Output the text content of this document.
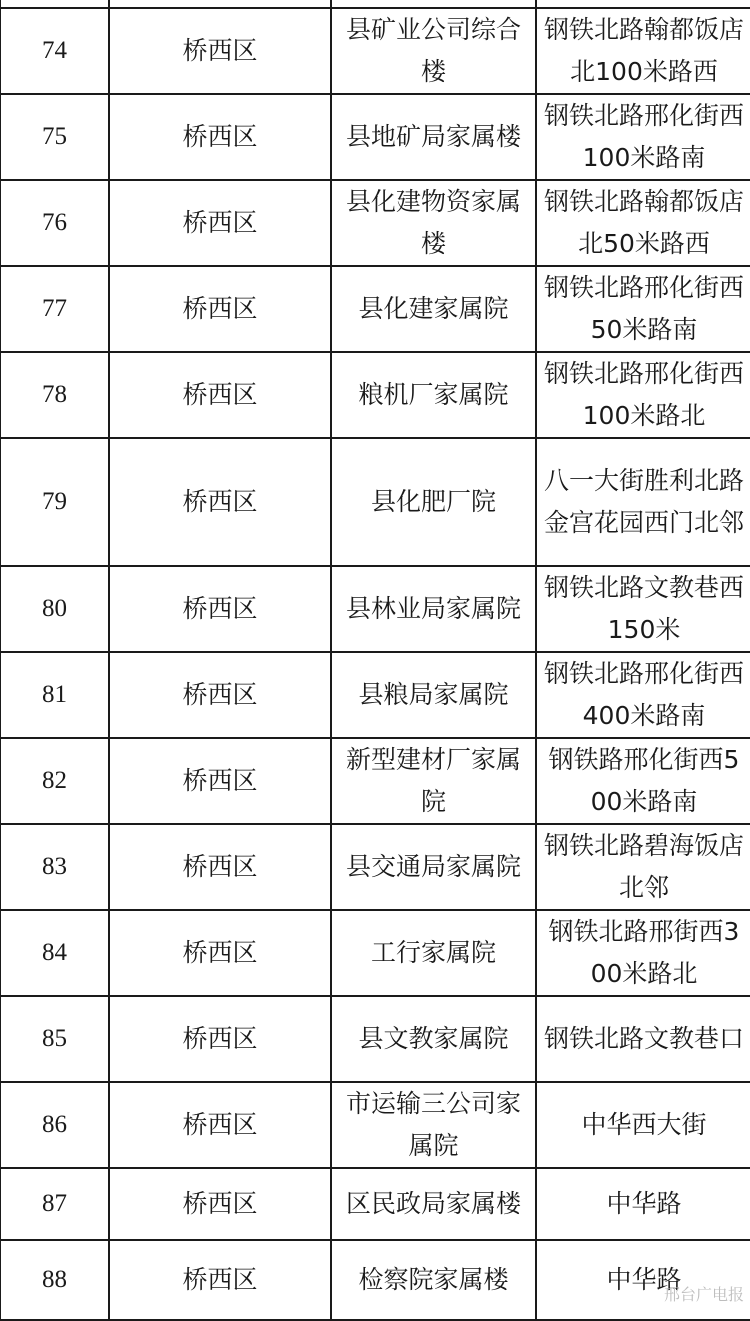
74	桥西区	县矿业公司综合楼	钢铁北路翰都饭店北100米路西
75	桥西区	县地矿局家属楼	钢铁北路邢化街西100米路南
76	桥西区	县化建物资家属楼	钢铁北路翰都饭店北50米路西
77	桥西区	县化建家属院	钢铁北路邢化街西50米路南
78	桥西区	粮机厂家属院	钢铁北路邢化街西100米路北
79	桥西区	县化肥厂院	八一大街胜利北路金宫花园西门北邻
80	桥西区	县林业局家属院	钢铁北路文教巷西150米
81	桥西区	县粮局家属院	钢铁北路邢化街西400米路南
82	桥西区	新型建材厂家属院	钢铁路邢化街西500米路南
83	桥西区	县交通局家属院	钢铁北路碧海饭店北邻
84	桥西区	工行家属院	钢铁北路邢街西300米路北
85	桥西区	县文教家属院	钢铁北路文教巷口
86	桥西区	市运输三公司家属院	中华西大街
87	桥西区	区民政局家属楼	中华路
88	桥西区	检察院家属楼	中华路
邢台广电报
